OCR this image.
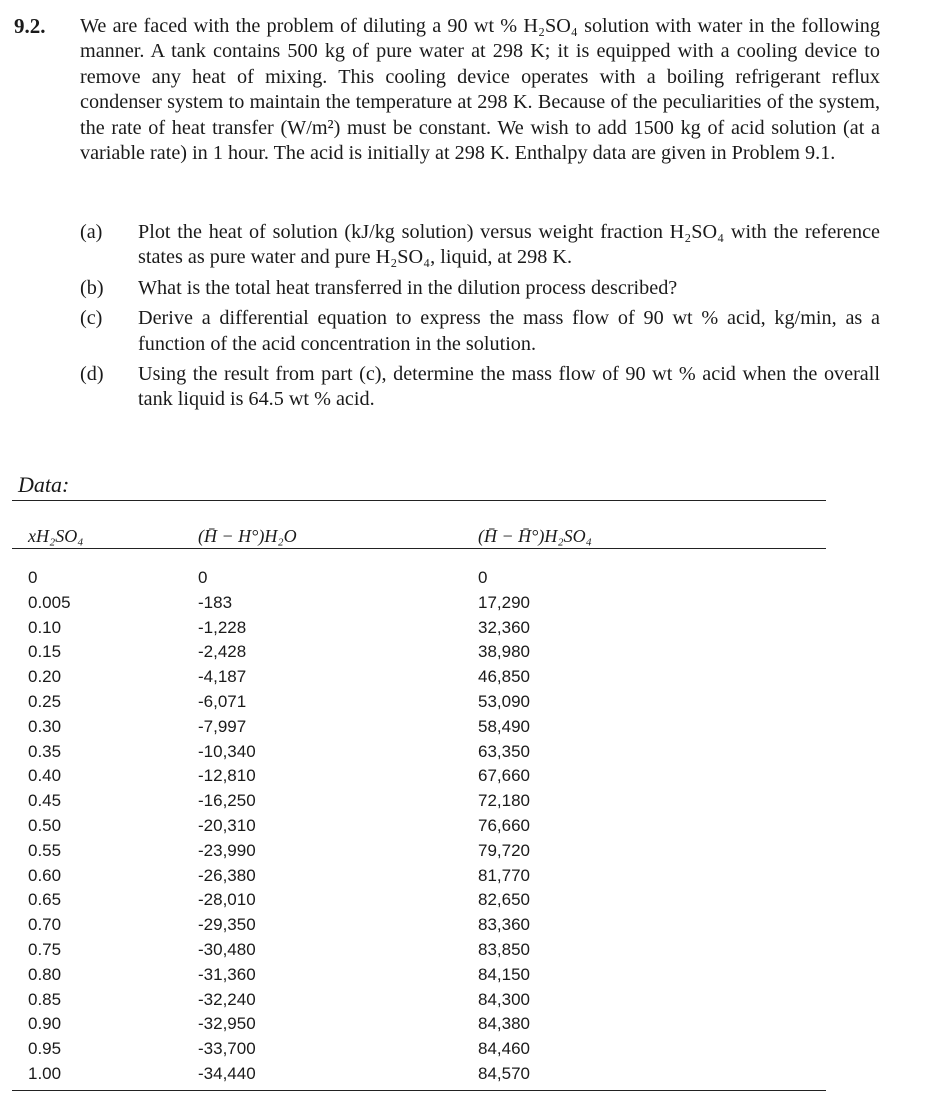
9.2. We are faced with the problem of diluting a 90 wt % H₂SO₄ solution with water in the following manner. A tank contains 500 kg of pure water at 298 K; it is equipped with a cooling device to remove any heat of mixing. This cooling device operates with a boiling refrigerant reflux condenser system to maintain the temperature at 298 K. Because of the peculiarities of the system, the rate of heat transfer (W/m²) must be constant. We wish to add 1500 kg of acid solution (at a variable rate) in 1 hour. The acid is initially at 298 K. Enthalpy data are given in Problem 9.1.

(a) Plot the heat of solution (kJ/kg solution) versus weight fraction H₂SO₄ with the reference states as pure water and pure H₂SO₄, liquid, at 298 K.
(b) What is the total heat transferred in the dilution process described?
(c) Derive a differential equation to express the mass flow of 90 wt % acid, kg/min, as a function of the acid concentration in the solution.
(d) Using the result from part (c), determine the mass flow of 90 wt % acid when the overall tank liquid is 64.5 wt % acid.
Data:
xH₂SO₄	(H̄ − H°)H₂O	(H̄ − H̄°)H₂SO₄
0
0.005
0.10
0.15
0.20
0.25
0.30
0.35
0.40
0.45
0.50
0.55
0.60
0.65
0.70
0.75
0.80
0.85
0.90
0.95
1.00
0
-183
-1,228
-2,428
-4,187
-6,071
-7,997
-10,340
-12,810
-16,250
-20,310
-23,990
-26,380
-28,010
-29,350
-30,480
-31,360
-32,240
-32,950
-33,700
-34,440
0
17,290
32,360
38,980
46,850
53,090
58,490
63,350
67,660
72,180
76,660
79,720
81,770
82,650
83,360
83,850
84,150
84,300
84,380
84,460
84,570
